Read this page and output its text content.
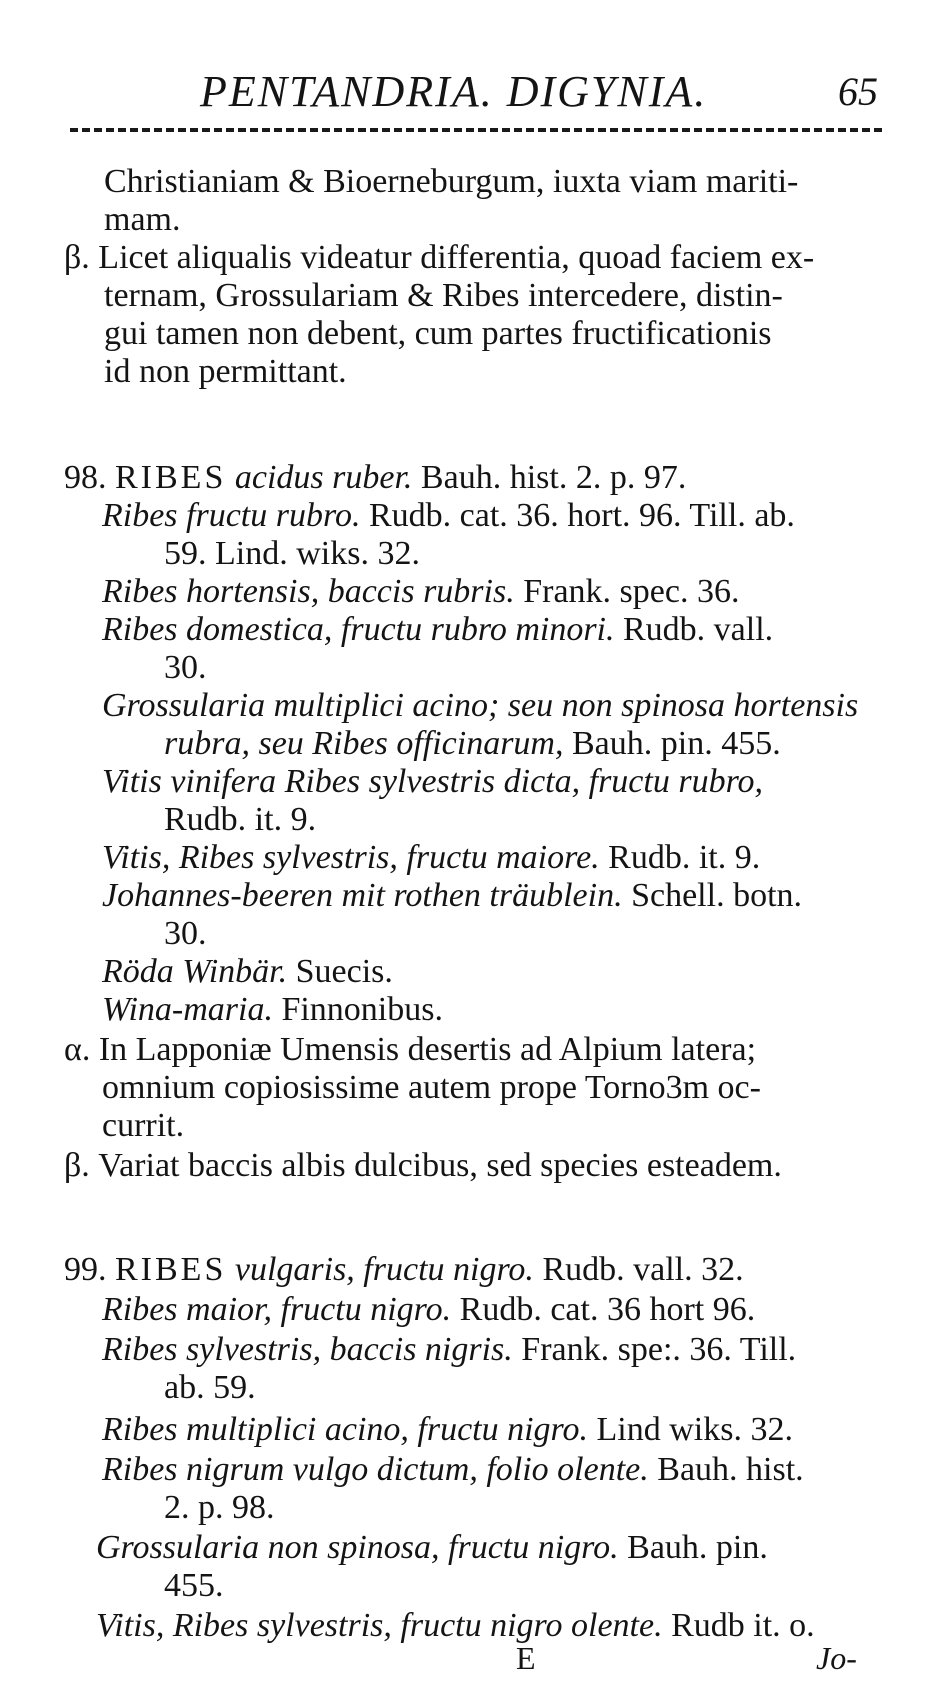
PENTANDRIA. DIGYNIA.	65
Christianiam & Bioerneburgum, iuxta viam mariti-
mam.
β. Licet aliqualis videatur differentia, quoad faciem ex-
ternam, Grossulariam & Ribes intercedere, distin-
gui tamen non debent, cum partes fructificationis
id non permittant.
98. RIBES acidus ruber. Bauh. hist. 2. p. 97.
Ribes fructu rubro. Rudb. cat. 36. hort. 96. Till. ab.
59. Lind. wiks. 32.
Ribes hortensis, baccis rubris. Frank. spec. 36.
Ribes domestica, fructu rubro minori. Rudb. vall.
30.
Grossularia multiplici acino; seu non spinosa hortensis
rubra, seu Ribes officinarum, Bauh. pin. 455.
Vitis vinifera Ribes sylvestris dicta, fructu rubro,
Rudb. it. 9.
Vitis, Ribes sylvestris, fructu maiore. Rudb. it. 9.
Johannes-beeren mit rothen träublein. Schell. botn.
30.
Röda Winbär. Suecis.
Wina-maria. Finnonibus.
α. In Lapponiæ Umensis desertis ad Alpium latera;
omnium copiosissime autem prope Torno3m oc-
currit.
β. Variat baccis albis dulcibus, sed species esteadem.
99. RIBES vulgaris, fructu nigro. Rudb. vall. 32.
Ribes maior, fructu nigro. Rudb. cat. 36 hort 96.
Ribes sylvestris, baccis nigris. Frank. spe:. 36. Till.
ab. 59.
Ribes multiplici acino, fructu nigro. Lind wiks. 32.
Ribes nigrum vulgo dictum, folio olente. Bauh. hist.
2. p. 98.
Grossularia non spinosa, fructu nigro. Bauh. pin.
455.
Vitis, Ribes sylvestris, fructu nigro olente. Rudb it. o.
E	Jo-
